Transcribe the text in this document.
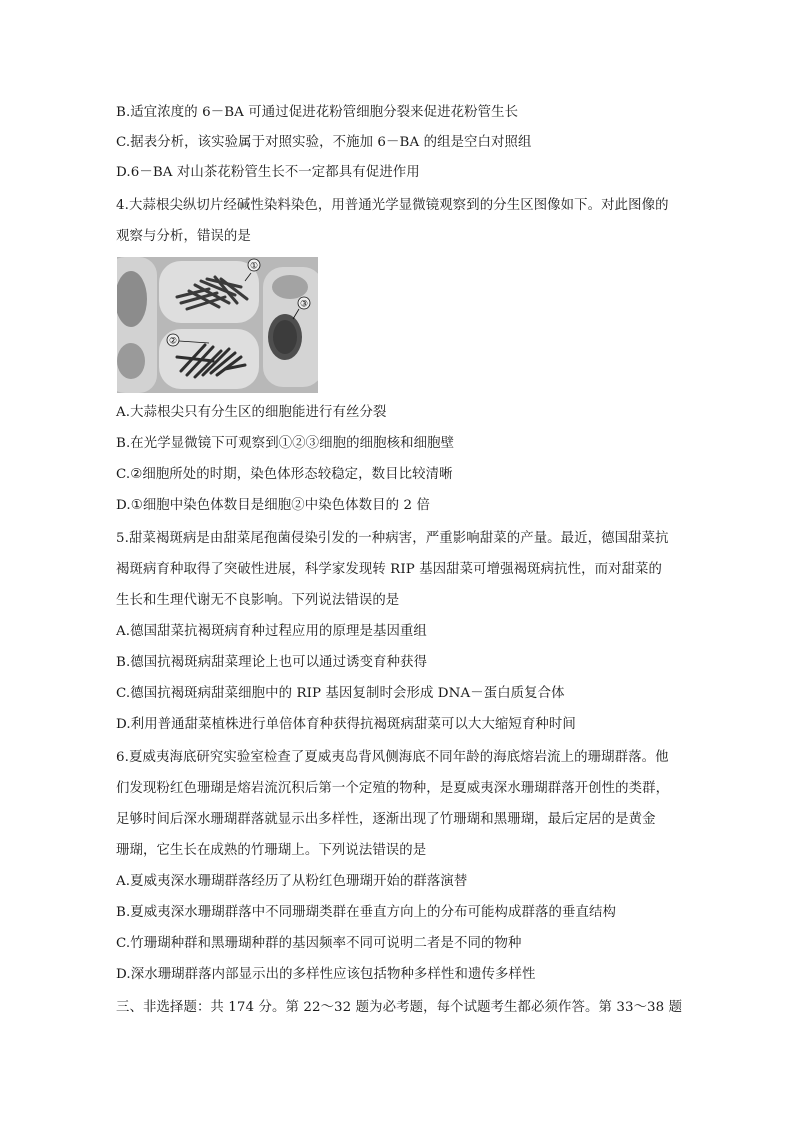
B.适宜浓度的 6－BA 可通过促进花粉管细胞分裂来促进花粉管生长
C.据表分析，该实验属于对照实验，不施加 6－BA 的组是空白对照组
D.6－BA 对山茶花粉管生长不一定都具有促进作用
4.大蒜根尖纵切片经碱性染料染色，用普通光学显微镜观察到的分生区图像如下。对此图像的
观察与分析，错误的是
①
②
③
A.大蒜根尖只有分生区的细胞能进行有丝分裂
B.在光学显微镜下可观察到①②③细胞的细胞核和细胞壁
C.②细胞所处的时期，染色体形态较稳定，数目比较清晰
D.①细胞中染色体数目是细胞②中染色体数目的 2 倍
5.甜菜褐斑病是由甜菜尾孢菌侵染引发的一种病害，严重影响甜菜的产量。最近，德国甜菜抗
褐斑病育种取得了突破性进展，科学家发现转 RIP 基因甜菜可增强褐斑病抗性，而对甜菜的
生长和生理代谢无不良影响。下列说法错误的是
A.德国甜菜抗褐斑病育种过程应用的原理是基因重组
B.德国抗褐斑病甜菜理论上也可以通过诱变育种获得
C.德国抗褐斑病甜菜细胞中的 RIP 基因复制时会形成 DNA－蛋白质复合体
D.利用普通甜菜植株进行单倍体育种获得抗褐斑病甜菜可以大大缩短育种时间
6.夏威夷海底研究实验室检查了夏威夷岛背风侧海底不同年龄的海底熔岩流上的珊瑚群落。他
们发现粉红色珊瑚是熔岩流沉积后第一个定殖的物种，是夏威夷深水珊瑚群落开创性的类群，
足够时间后深水珊瑚群落就显示出多样性，逐渐出现了竹珊瑚和黑珊瑚，最后定居的是黄金
珊瑚，它生长在成熟的竹珊瑚上。下列说法错误的是
A.夏威夷深水珊瑚群落经历了从粉红色珊瑚开始的群落演替
B.夏威夷深水珊瑚群落中不同珊瑚类群在垂直方向上的分布可能构成群落的垂直结构
C.竹珊瑚种群和黑珊瑚种群的基因频率不同可说明二者是不同的物种
D.深水珊瑚群落内部显示出的多样性应该包括物种多样性和遗传多样性
三、非选择题：共 174 分。第 22～32 题为必考题，每个试题考生都必须作答。第 33～38 题
